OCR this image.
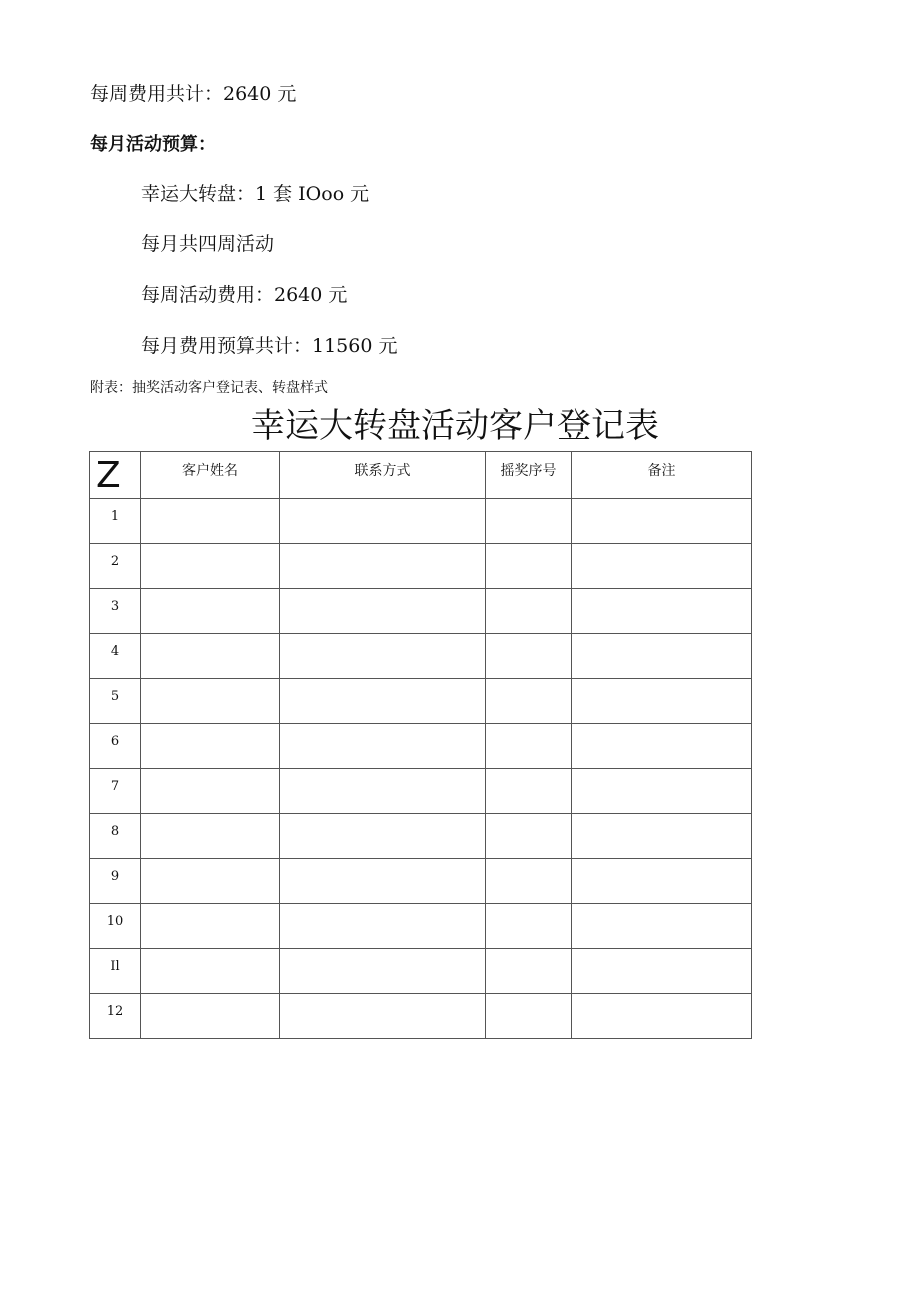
每周费用共计：2640 元
每月活动预算：
幸运大转盘：1 套 IOoo 元
每月共四周活动
每周活动费用：2640 元
每月费用预算共计：11560 元
附表：抽奖活动客户登记表、转盘样式
幸运大转盘活动客户登记表
Z	客户姓名	联系方式	摇奖序号	备注
1				
2				
3				
4				
5				
6				
7				
8				
9				
10				
Il				
12				
